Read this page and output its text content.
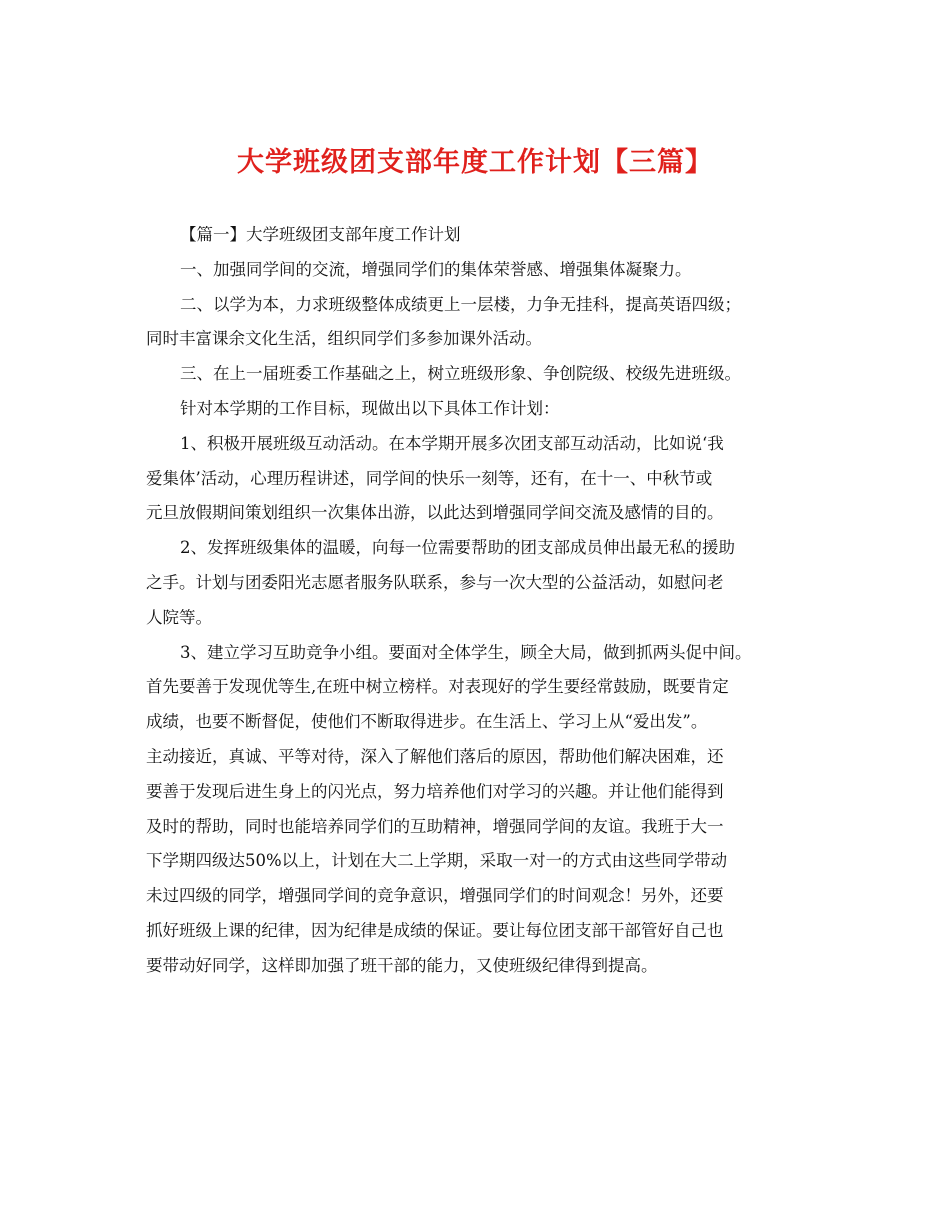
大学班级团支部年度工作计划【三篇】
【篇一】大学班级团支部年度工作计划
一、加强同学间的交流，增强同学们的集体荣誉感、增强集体凝聚力。
二、以学为本，力求班级整体成绩更上一层楼，力争无挂科，提高英语四级；
同时丰富课余文化生活，组织同学们多参加课外活动。
三、在上一届班委工作基础之上，树立班级形象、争创院级、校级先进班级。
针对本学期的工作目标，现做出以下具体工作计划：
1、积极开展班级互动活动。在本学期开展多次团支部互动活动，比如说‘我
爱集体’活动，心理历程讲述，同学间的快乐一刻等，还有，在十一、中秋节或
元旦放假期间策划组织一次集体出游，以此达到增强同学间交流及感情的目的。
2、发挥班级集体的温暖，向每一位需要帮助的团支部成员伸出最无私的援助
之手。计划与团委阳光志愿者服务队联系，参与一次大型的公益活动，如慰问老
人院等。
3、建立学习互助竞争小组。要面对全体学生，顾全大局，做到抓两头促中间。
首先要善于发现优等生,在班中树立榜样。对表现好的学生要经常鼓励，既要肯定
成绩，也要不断督促，使他们不断取得进步。在生活上、学习上从“爱出发”。
主动接近，真诚、平等对待，深入了解他们落后的原因，帮助他们解决困难，还
要善于发现后进生身上的闪光点，努力培养他们对学习的兴趣。并让他们能得到
及时的帮助，同时也能培养同学们的互助精神，增强同学间的友谊。我班于大一
下学期四级达50%以上，计划在大二上学期，采取一对一的方式由这些同学带动
未过四级的同学，增强同学间的竞争意识，增强同学们的时间观念！另外，还要
抓好班级上课的纪律，因为纪律是成绩的保证。要让每位团支部干部管好自己也
要带动好同学，这样即加强了班干部的能力，又使班级纪律得到提高。
